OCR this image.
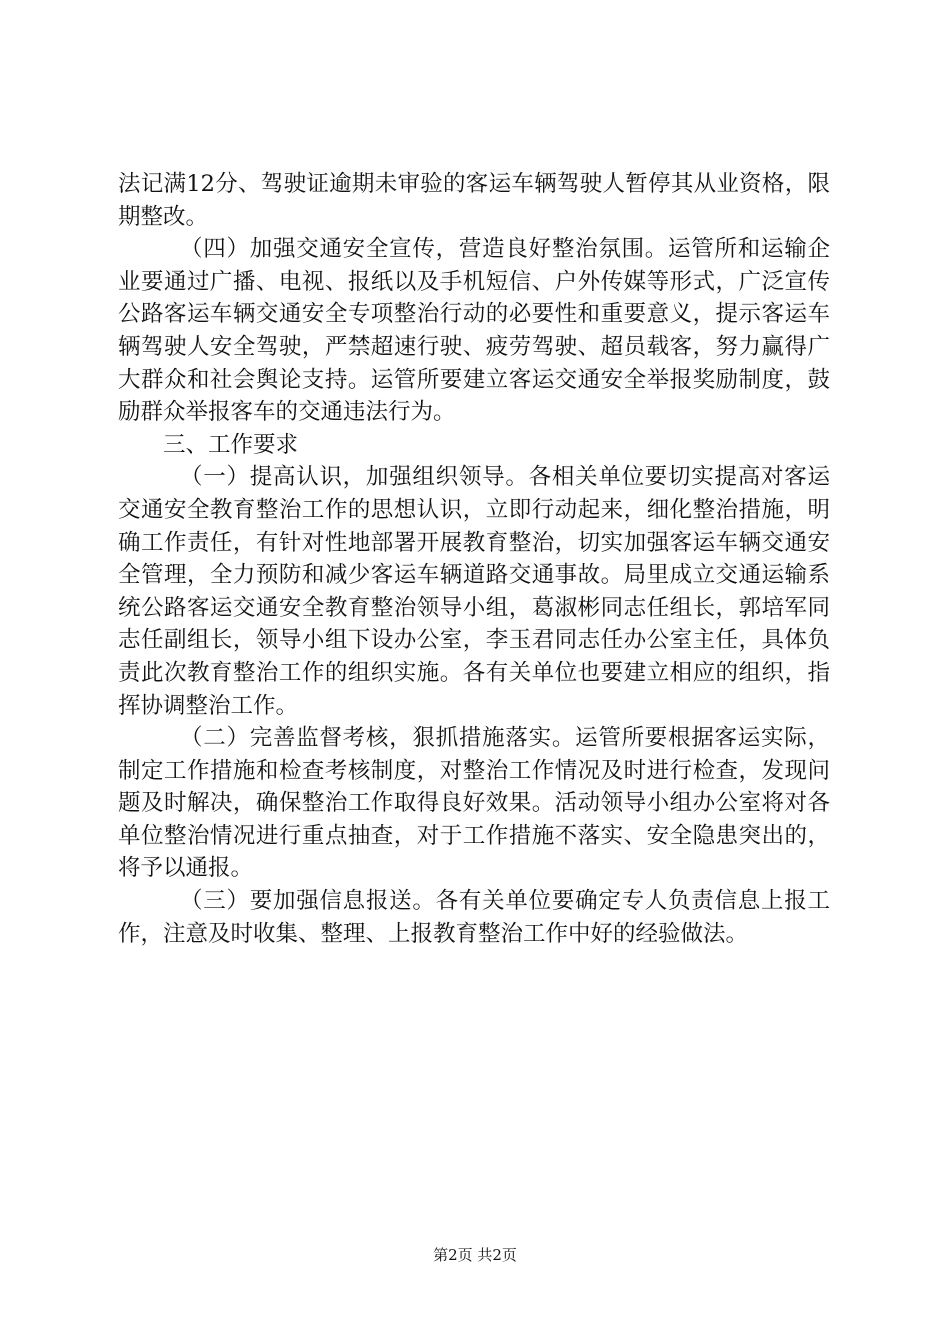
法记满12分、驾驶证逾期未审验的客运车辆驾驶人暂停其从业资格，限期整改。

（四）加强交通安全宣传，营造良好整治氛围。运管所和运输企业要通过广播、电视、报纸以及手机短信、户外传媒等形式，广泛宣传公路客运车辆交通安全专项整治行动的必要性和重要意义，提示客运车辆驾驶人安全驾驶，严禁超速行驶、疲劳驾驶、超员载客，努力赢得广大群众和社会舆论支持。运管所要建立客运交通安全举报奖励制度，鼓励群众举报客车的交通违法行为。

三、工作要求

（一）提高认识，加强组织领导。各相关单位要切实提高对客运交通安全教育整治工作的思想认识，立即行动起来，细化整治措施，明确工作责任，有针对性地部署开展教育整治，切实加强客运车辆交通安全管理，全力预防和减少客运车辆道路交通事故。局里成立交通运输系统公路客运交通安全教育整治领导小组，葛淑彬同志任组长，郭培军同志任副组长，领导小组下设办公室，李玉君同志任办公室主任，具体负责此次教育整治工作的组织实施。各有关单位也要建立相应的组织，指挥协调整治工作。

（二）完善监督考核，狠抓措施落实。运管所要根据客运实际，制定工作措施和检查考核制度，对整治工作情况及时进行检查，发现问题及时解决，确保整治工作取得良好效果。活动领导小组办公室将对各单位整治情况进行重点抽查，对于工作措施不落实、安全隐患突出的，将予以通报。

（三）要加强信息报送。各有关单位要确定专人负责信息上报工作，注意及时收集、整理、上报教育整治工作中好的经验做法。

第2页 共2页
